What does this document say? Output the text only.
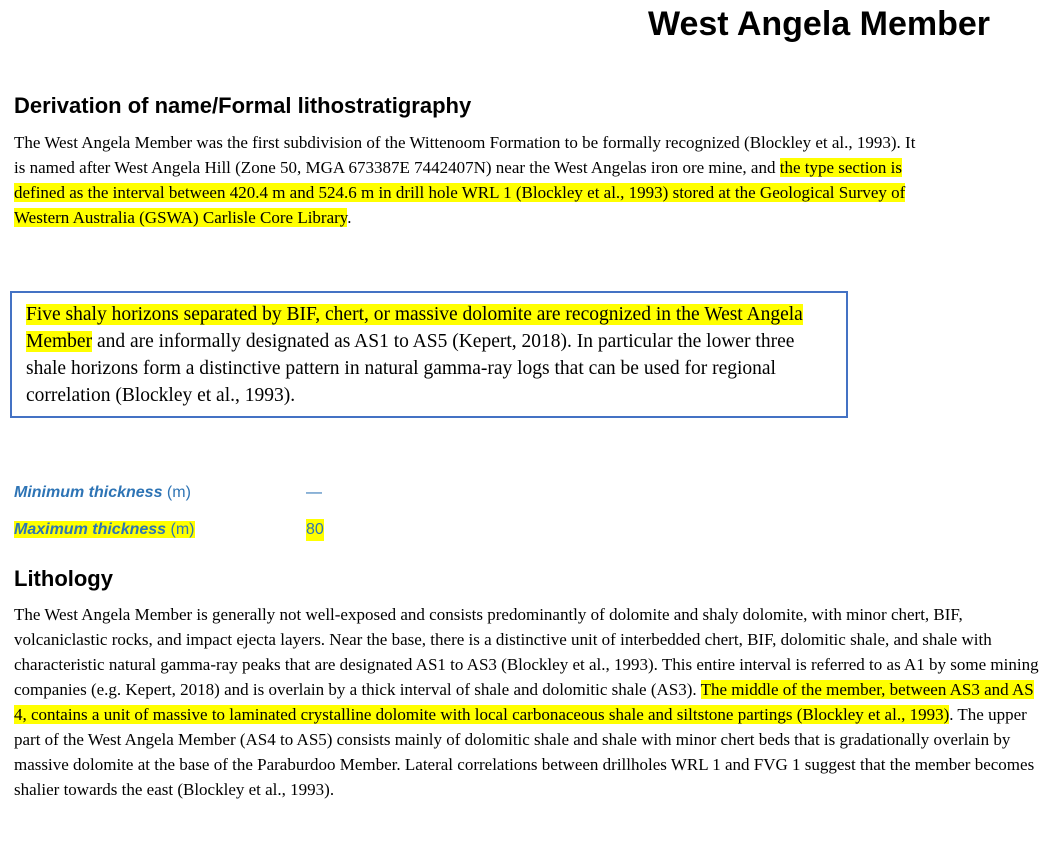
West Angela Member
Derivation of name/Formal lithostratigraphy
The West Angela Member was the first subdivision of the Wittenoom Formation to be formally recognized (Blockley et al., 1993). It is named after West Angela Hill (Zone 50, MGA 673387E 7442407N) near the West Angelas iron ore mine, and the type section is defined as the interval between 420.4 m and 524.6 m in drill hole WRL 1 (Blockley et al., 1993) stored at the Geological Survey of Western Australia (GSWA) Carlisle Core Library.
Five shaly horizons separated by BIF, chert, or massive dolomite are recognized in the West Angela Member and are informally designated as AS1 to AS5 (Kepert, 2018). In particular the lower three shale horizons form a distinctive pattern in natural gamma-ray logs that can be used for regional correlation (Blockley et al., 1993).
Minimum thickness (m)	—
Maximum thickness (m)	80
Lithology
The West Angela Member is generally not well-exposed and consists predominantly of dolomite and shaly dolomite, with minor chert, BIF, volcaniclastic rocks, and impact ejecta layers. Near the base, there is a distinctive unit of interbedded chert, BIF, dolomitic shale, and shale with characteristic natural gamma-ray peaks that are designated AS1 to AS3 (Blockley et al., 1993). This entire interval is referred to as A1 by some mining companies (e.g. Kepert, 2018) and is overlain by a thick interval of shale and dolomitic shale (AS3). The middle of the member, between AS3 and AS 4, contains a unit of massive to laminated crystalline dolomite with local carbonaceous shale and siltstone partings (Blockley et al., 1993). The upper part of the West Angela Member (AS4 to AS5) consists mainly of dolomitic shale and shale with minor chert beds that is gradationally overlain by massive dolomite at the base of the Paraburdoo Member. Lateral correlations between drillholes WRL 1 and FVG 1 suggest that the member becomes shalier towards the east (Blockley et al., 1993).
